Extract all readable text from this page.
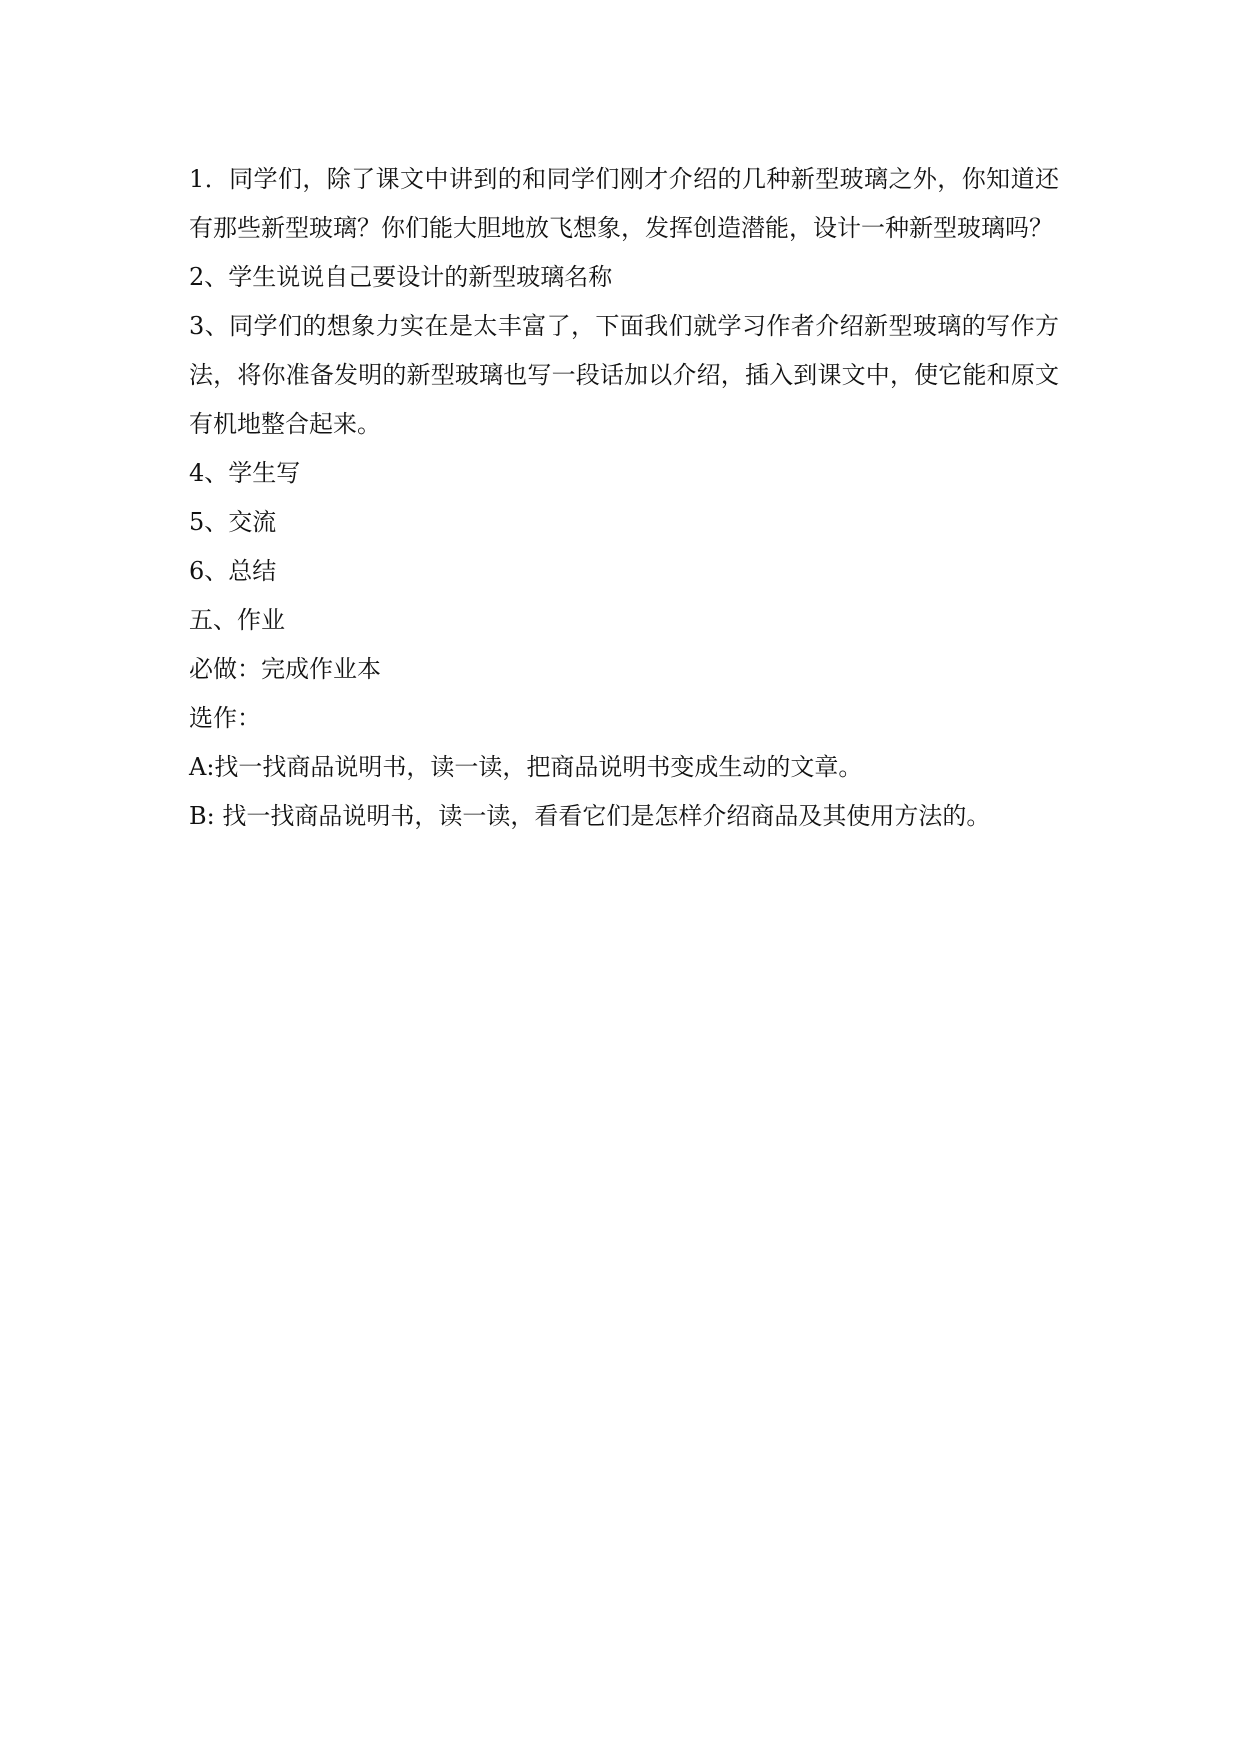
1．同学们，除了课文中讲到的和同学们刚才介绍的几种新型玻璃之外，你知道还有那些新型玻璃？你们能大胆地放飞想象，发挥创造潜能，设计一种新型玻璃吗？

2、学生说说自己要设计的新型玻璃名称

3、同学们的想象力实在是太丰富了，下面我们就学习作者介绍新型玻璃的写作方法，将你准备发明的新型玻璃也写一段话加以介绍，插入到课文中，使它能和原文有机地整合起来。

4、学生写

5、交流

6、总结

五、作业

必做：完成作业本

选作：

A:找一找商品说明书，读一读，把商品说明书变成生动的文章。

B: 找一找商品说明书，读一读，看看它们是怎样介绍商品及其使用方法的。
